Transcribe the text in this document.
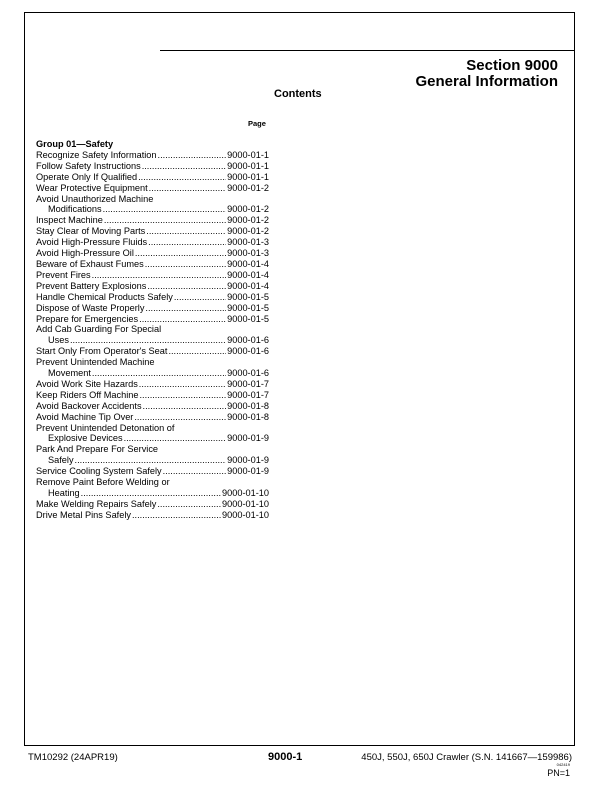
Section 9000
General Information
Contents
Page
Group 01—Safety
Recognize Safety Information .....	9000-01-1
Follow Safety Instructions .....	9000-01-1
Operate Only If Qualified .....	9000-01-1
Wear Protective Equipment .....	9000-01-2
Avoid Unauthorized Machine
Modifications .....	9000-01-2
Inspect Machine .....	9000-01-2
Stay Clear of Moving Parts .....	9000-01-2
Avoid High-Pressure Fluids .....	9000-01-3
Avoid High-Pressure Oil .....	9000-01-3
Beware of Exhaust Fumes .....	9000-01-4
Prevent Fires .....	9000-01-4
Prevent Battery Explosions .....	9000-01-4
Handle Chemical Products Safely .....	9000-01-5
Dispose of Waste Properly .....	9000-01-5
Prepare for Emergencies .....	9000-01-5
Add Cab Guarding For Special
Uses .....	9000-01-6
Start Only From Operator's Seat .....	9000-01-6
Prevent Unintended Machine
Movement .....	9000-01-6
Avoid Work Site Hazards .....	9000-01-7
Keep Riders Off Machine .....	9000-01-7
Avoid Backover Accidents .....	9000-01-8
Avoid Machine Tip Over .....	9000-01-8
Prevent Unintended Detonation of
Explosive Devices .....	9000-01-9
Park And Prepare For Service
Safely .....	9000-01-9
Service Cooling System Safely .....	9000-01-9
Remove Paint Before Welding or
Heating .....	9000-01-10
Make Welding Repairs Safely .....	9000-01-10
Drive Metal Pins Safely .....	9000-01-10
TM10292 (24APR19)	9000-1	450J, 550J, 650J Crawler (S.N. 141667—159986)
042419
PN=1
